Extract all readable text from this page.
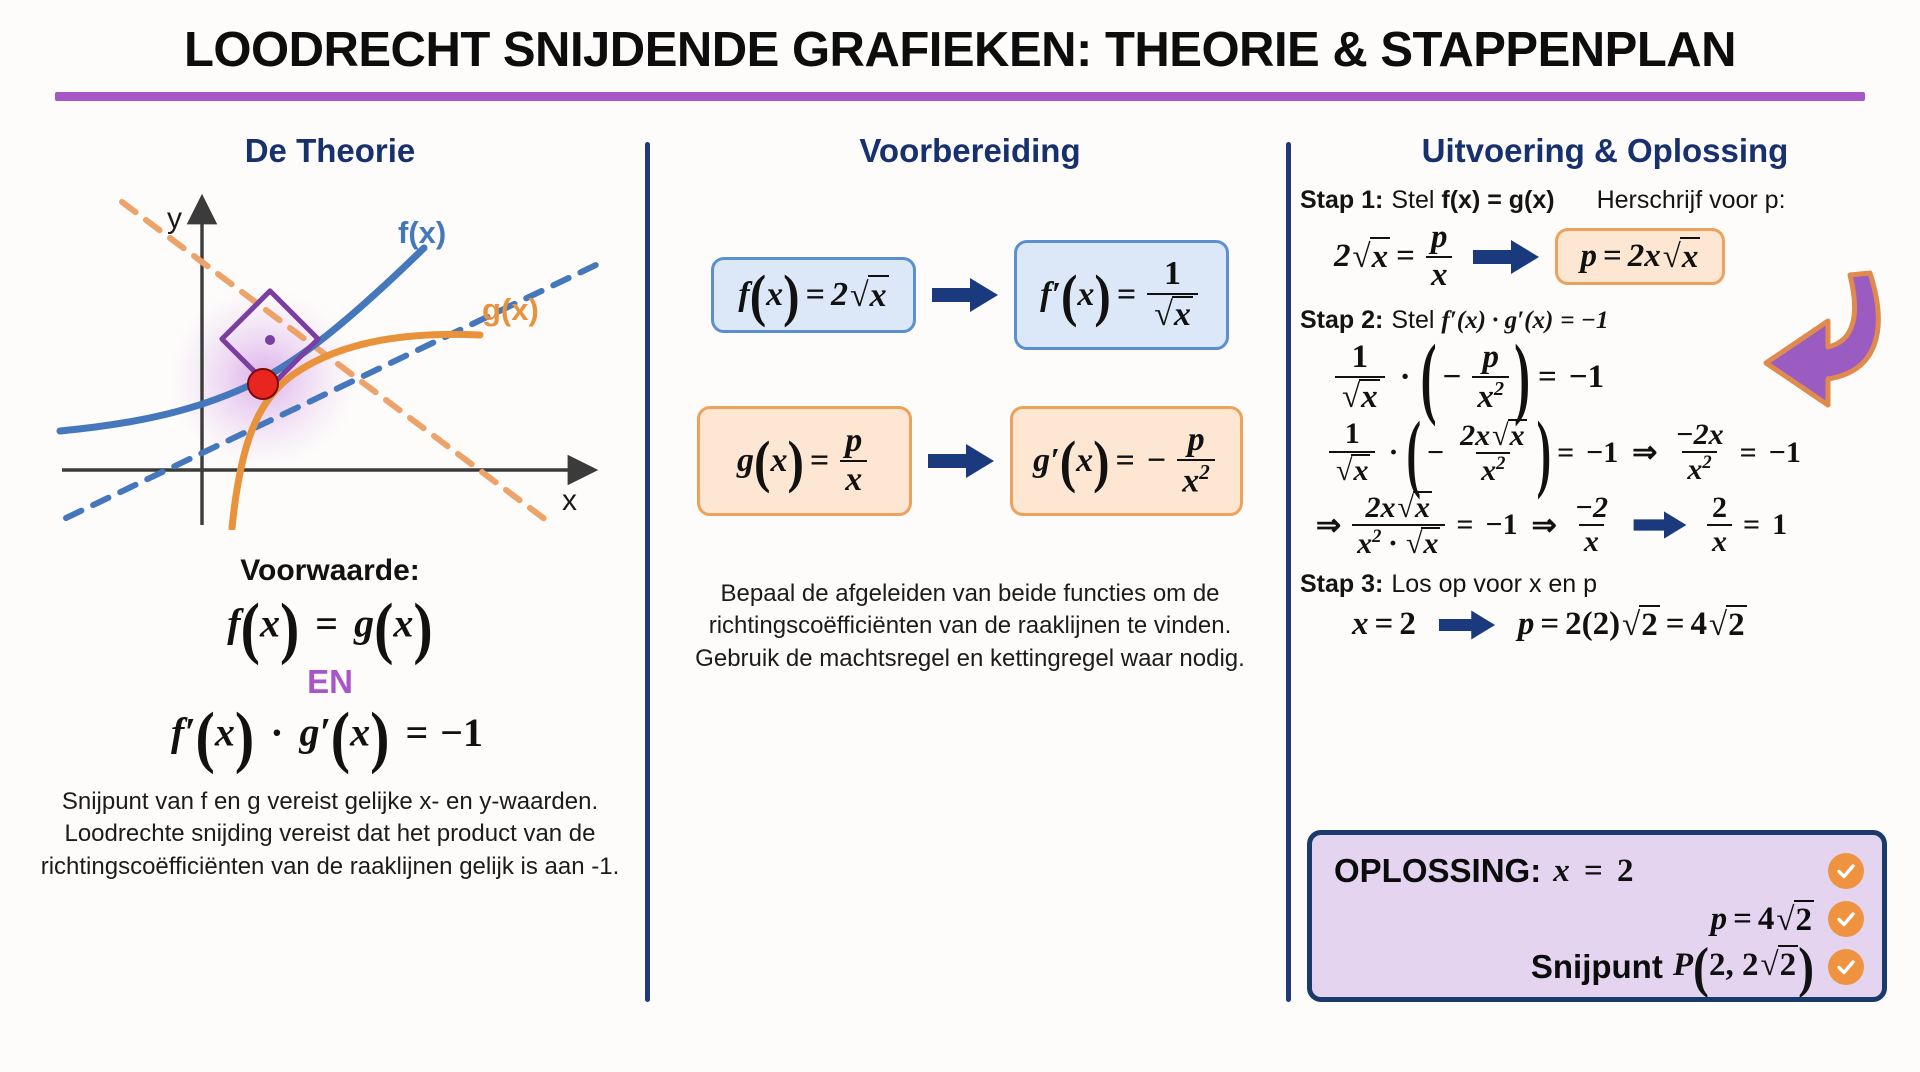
LOODRECHT SNIJDENDE GRAFIEKEN: THEORIE & STAPPENPLAN
De Theorie
y
x
f(x)
g(x)
Voorwaarde:
f(x) = g(x)
EN
f′(x) · g′(x) = −1
Snijpunt van f en g vereist gelijke x- en y-waarden. Loodrechte snijding vereist dat het product van de richtingscoëfficiënten van de raaklijnen gelijk is aan -1.
Voorbereiding
f ( x ) = 2 √ x	f′ ( x ) = 1
√ x
g ( x ) = $\frac{p}{x}$	g′ ( x ) = − $\frac{p}{x^2}$
Bepaal de afgeleiden van beide functies om de richtingscoëfficiënten van de raaklijnen te vinden. Gebruik de machtsregel en kettingregel waar nodig.
Uitvoering & Oplossing
Stap 1: Stel f(x) = g(x) Herschrijf voor p:
2 √ $x = \frac{p}{x}$	p = 2x √ x
Stap 2: Stel f′(x) · g′(x) = −1
1
√ x · ( − $\frac{p}{x^2}$ ) = −1
1
√ x · ( − $\frac{2x √ x}{x^2}$ ) = −1 ⇒ $\frac{-2x}{x^2} = -1$
⇒ $\frac{2x √ x}{x^2 \cdot √ x} = -1$ ⇒ $\frac{-2}{x}$	$\frac{2}{x} = 1$
Stap 3: Los op voor x en p
x = 2	p = 2(2) √ 2 = 4 √ 2
OPLOSSING: x = 2
p = 4 √ 2
Snijpunt P(2, 2 √ 2)
